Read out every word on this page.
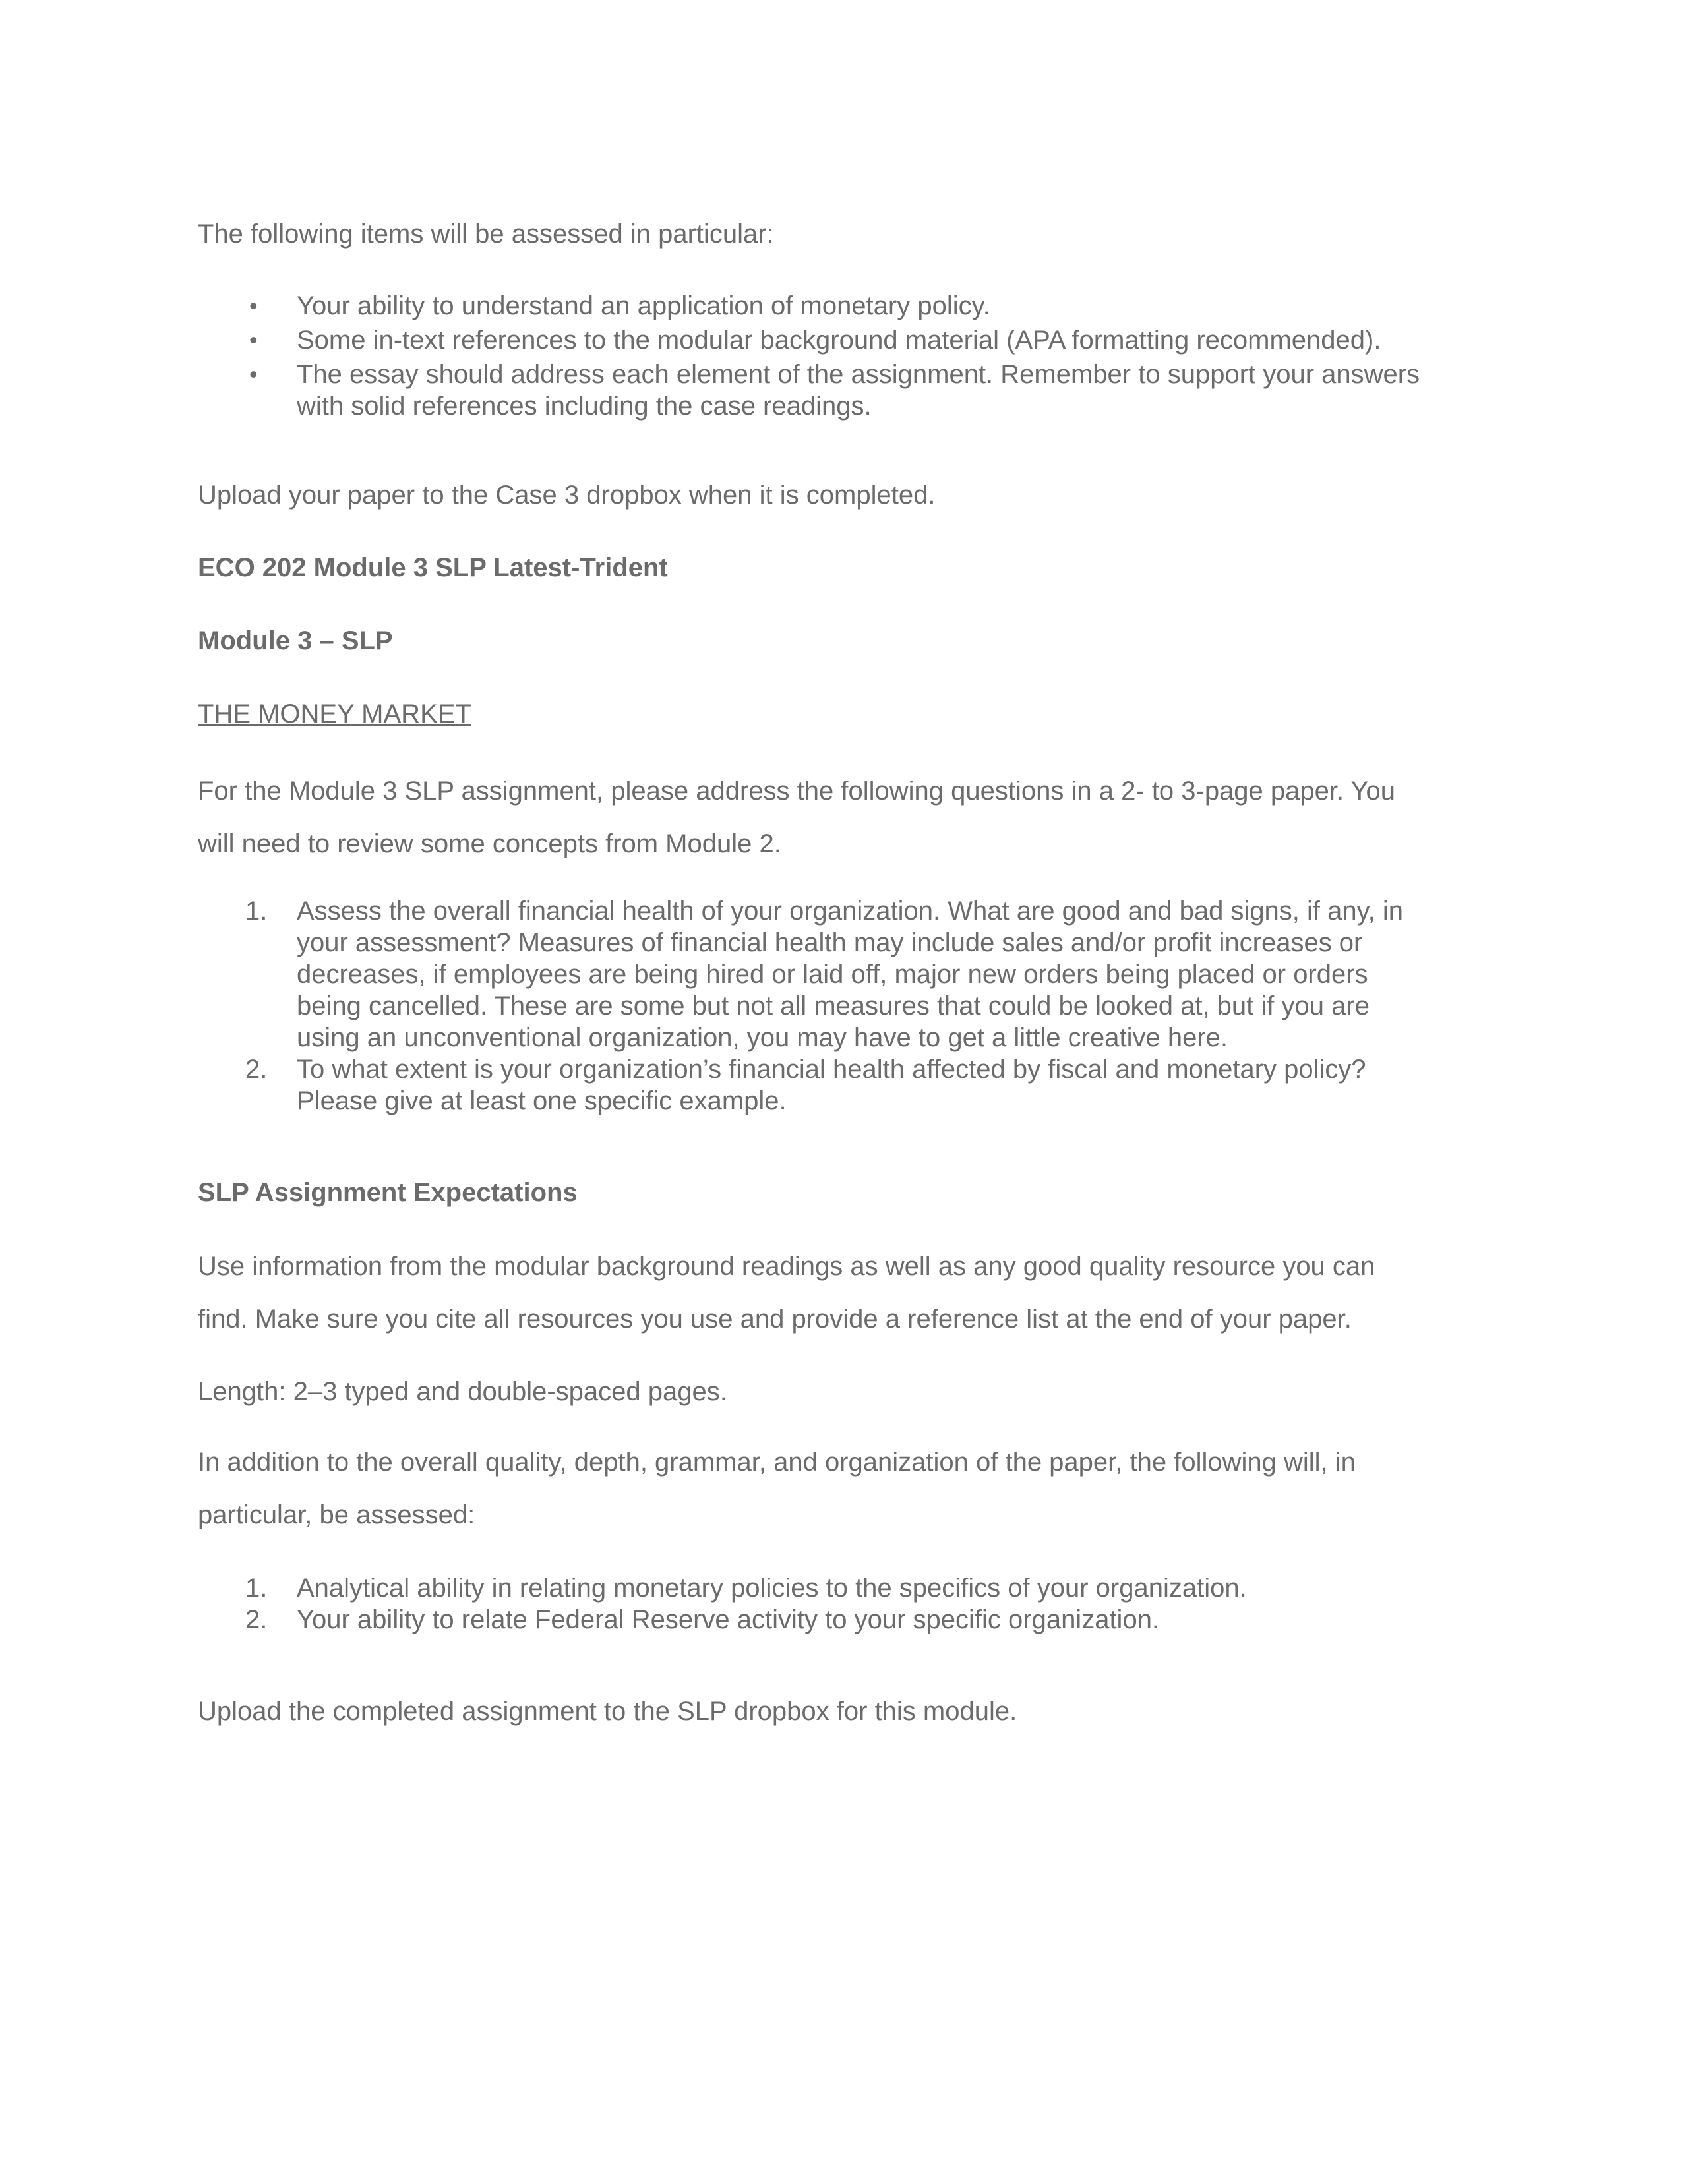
The following items will be assessed in particular:

• Your ability to understand an application of monetary policy.
• Some in-text references to the modular background material (APA formatting recommended).
• The essay should address each element of the assignment. Remember to support your answers
with solid references including the case readings.

Upload your paper to the Case 3 dropbox when it is completed.

ECO 202 Module 3 SLP Latest-Trident

Module 3 – SLP

THE MONEY MARKET

For the Module 3 SLP assignment, please address the following questions in a 2- to 3-page paper. You
will need to review some concepts from Module 2.
1. Assess the overall financial health of your organization. What are good and bad signs, if any, in
your assessment? Measures of financial health may include sales and/or profit increases or
decreases, if employees are being hired or laid off, major new orders being placed or orders
being cancelled. These are some but not all measures that could be looked at, but if you are
using an unconventional organization, you may have to get a little creative here.
2. To what extent is your organization’s financial health affected by fiscal and monetary policy?
Please give at least one specific example.

SLP Assignment Expectations

Use information from the modular background readings as well as any good quality resource you can
find. Make sure you cite all resources you use and provide a reference list at the end of your paper.

Length: 2–3 typed and double-spaced pages.

In addition to the overall quality, depth, grammar, and organization of the paper, the following will, in
particular, be assessed:
1. Analytical ability in relating monetary policies to the specifics of your organization.
2. Your ability to relate Federal Reserve activity to your specific organization.

Upload the completed assignment to the SLP dropbox for this module.
